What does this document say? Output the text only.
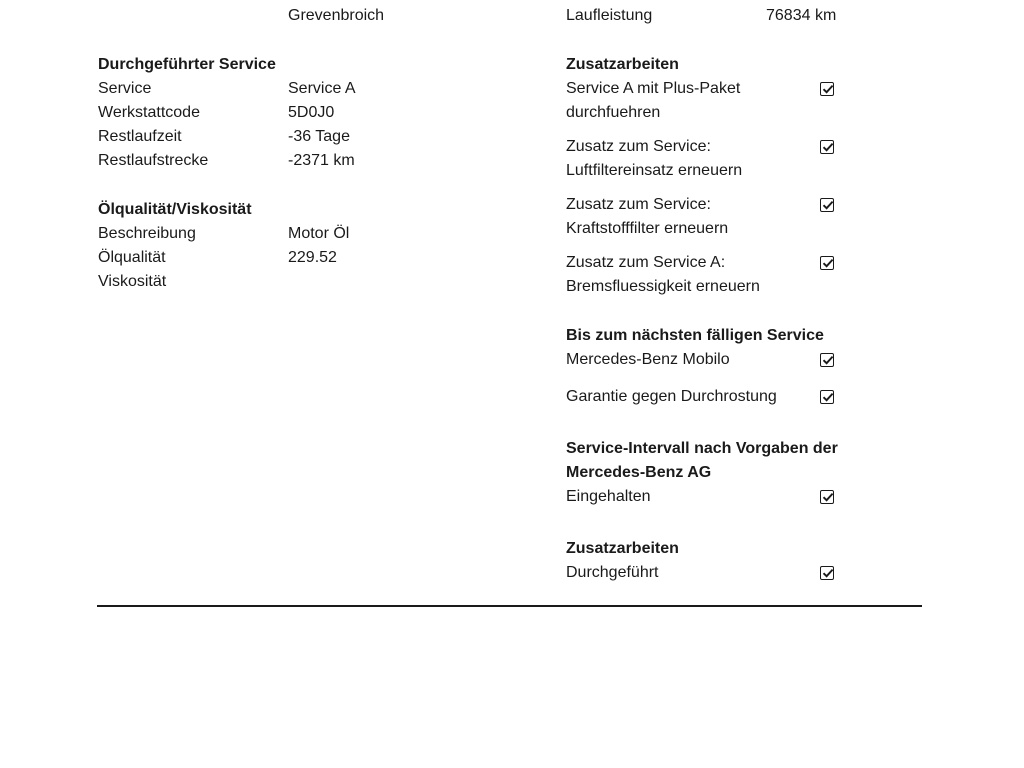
Grevenbroich	Laufleistung	76834 km
Durchgeführter Service
Service	Service A
Werkstattcode	5D0J0
Restlaufzeit	-36 Tage
Restlaufstrecke	-2371 km
Ölqualität/Viskosität
Beschreibung	Motor Öl
Ölqualität	229.52
Viskosität
Zusatzarbeiten
Service A mit Plus-Paket
durchfuehren
Zusatz zum Service:
Luftfiltereinsatz erneuern
Zusatz zum Service:
Kraftstofffilter erneuern
Zusatz zum Service A:
Bremsfluessigkeit erneuern
Bis zum nächsten fälligen Service
Mercedes-Benz Mobilo
Garantie gegen Durchrostung
Service-Intervall nach Vorgaben der
Mercedes-Benz AG
Eingehalten
Zusatzarbeiten
Durchgeführt
